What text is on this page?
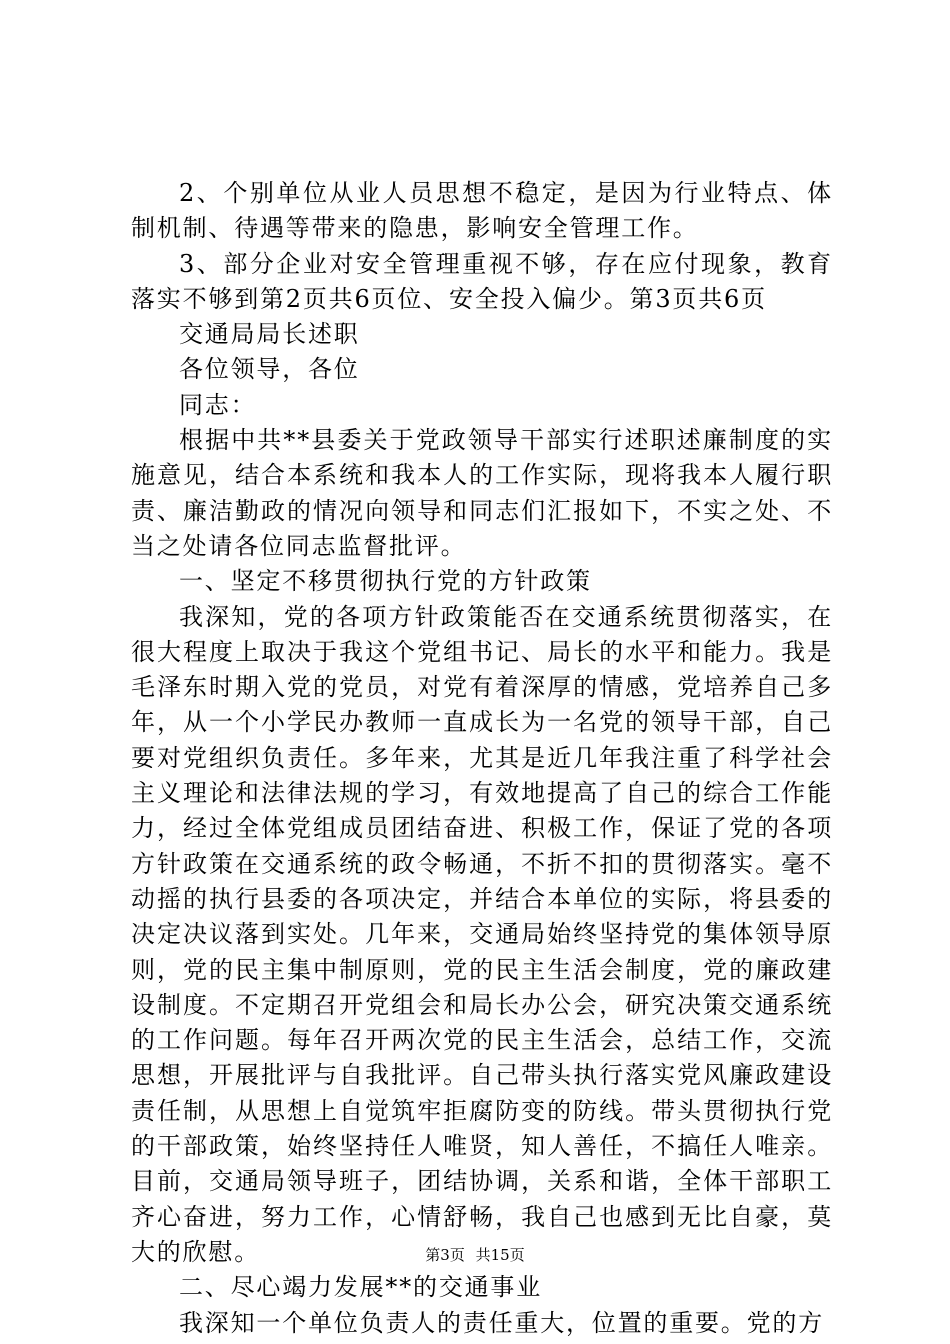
2、个别单位从业人员思想不稳定，是因为行业特点、体制机制、待遇等带来的隐患，影响安全管理工作。

3、部分企业对安全管理重视不够，存在应付现象，教育落实不够到第2页共6页位、安全投入偏少。第3页共6页

交通局局长述职

各位领导，各位

同志：

根据中共**县委关于党政领导干部实行述职述廉制度的实施意见，结合本系统和我本人的工作实际，现将我本人履行职责、廉洁勤政的情况向领导和同志们汇报如下，不实之处、不当之处请各位同志监督批评。

一、坚定不移贯彻执行党的方针政策

我深知，党的各项方针政策能否在交通系统贯彻落实，在很大程度上取决于我这个党组书记、局长的水平和能力。我是毛泽东时期入党的党员，对党有着深厚的情感，党培养自己多年，从一个小学民办教师一直成长为一名党的领导干部，自己要对党组织负责任。多年来，尤其是近几年我注重了科学社会主义理论和法律法规的学习，有效地提高了自己的综合工作能力，经过全体党组成员团结奋进、积极工作，保证了党的各项方针政策在交通系统的政令畅通，不折不扣的贯彻落实。毫不动摇的执行县委的各项决定，并结合本单位的实际，将县委的决定决议落到实处。几年来，交通局始终坚持党的集体领导原则，党的民主集中制原则，党的民主生活会制度，党的廉政建设制度。不定期召开党组会和局长办公会，研究决策交通系统的工作问题。每年召开两次党的民主生活会，总结工作，交流思想，开展批评与自我批评。自己带头执行落实党风廉政建设责任制，从思想上自觉筑牢拒腐防变的防线。带头贯彻执行党的干部政策，始终坚持任人唯贤，知人善任，不搞任人唯亲。目前，交通局领导班子，团结协调，关系和谐，全体干部职工齐心奋进，努力工作，心情舒畅，我自己也感到无比自豪，莫大的欣慰。

二、尽心竭力发展**的交通事业

我深知一个单位负责人的责任重大，位置的重要。党的方

第3页 共15页
